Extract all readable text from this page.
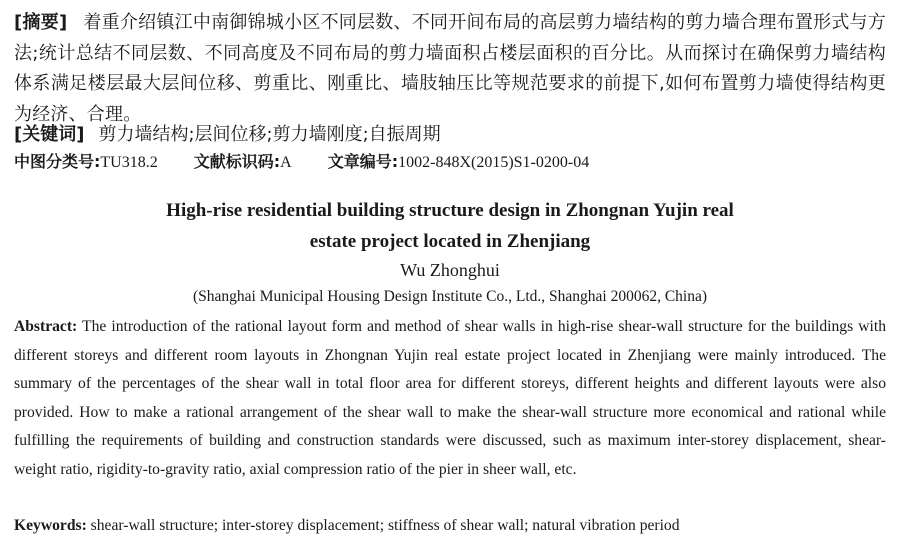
[摘要] 着重介绍镇江中南御锦城小区不同层数、不同开间布局的高层剪力墙结构的剪力墙合理布置形式与方法;统计总结不同层数、不同高度及不同布局的剪力墙面积占楼层面积的百分比。从而探讨在确保剪力墙结构体系满足楼层最大层间位移、剪重比、刚重比、墙肢轴压比等规范要求的前提下,如何布置剪力墙使得结构更为经济、合理。
[关键词] 剪力墙结构;层间位移;剪力墙刚度;自振周期
中图分类号:TU318.2 文献标识码:A 文章编号:1002-848X(2015)S1-0200-04
High-rise residential building structure design in Zhongnan Yujin real
estate project located in Zhenjiang
Wu Zhonghui
(Shanghai Municipal Housing Design Institute Co., Ltd., Shanghai 200062, China)
Abstract: The introduction of the rational layout form and method of shear walls in high-rise shear-wall structure for the buildings with different storeys and different room layouts in Zhongnan Yujin real estate project located in Zhenjiang were mainly introduced. The summary of the percentages of the shear wall in total floor area for different storeys, different heights and different layouts were also provided. How to make a rational arrangement of the shear wall to make the shear-wall structure more economical and rational while fulfilling the requirements of building and construction standards were discussed, such as maximum inter-storey displacement, shear-weight ratio, rigidity-to-gravity ratio, axial compression ratio of the pier in sheer wall, etc.
Keywords: shear-wall structure; inter-storey displacement; stiffness of shear wall; natural vibration period
